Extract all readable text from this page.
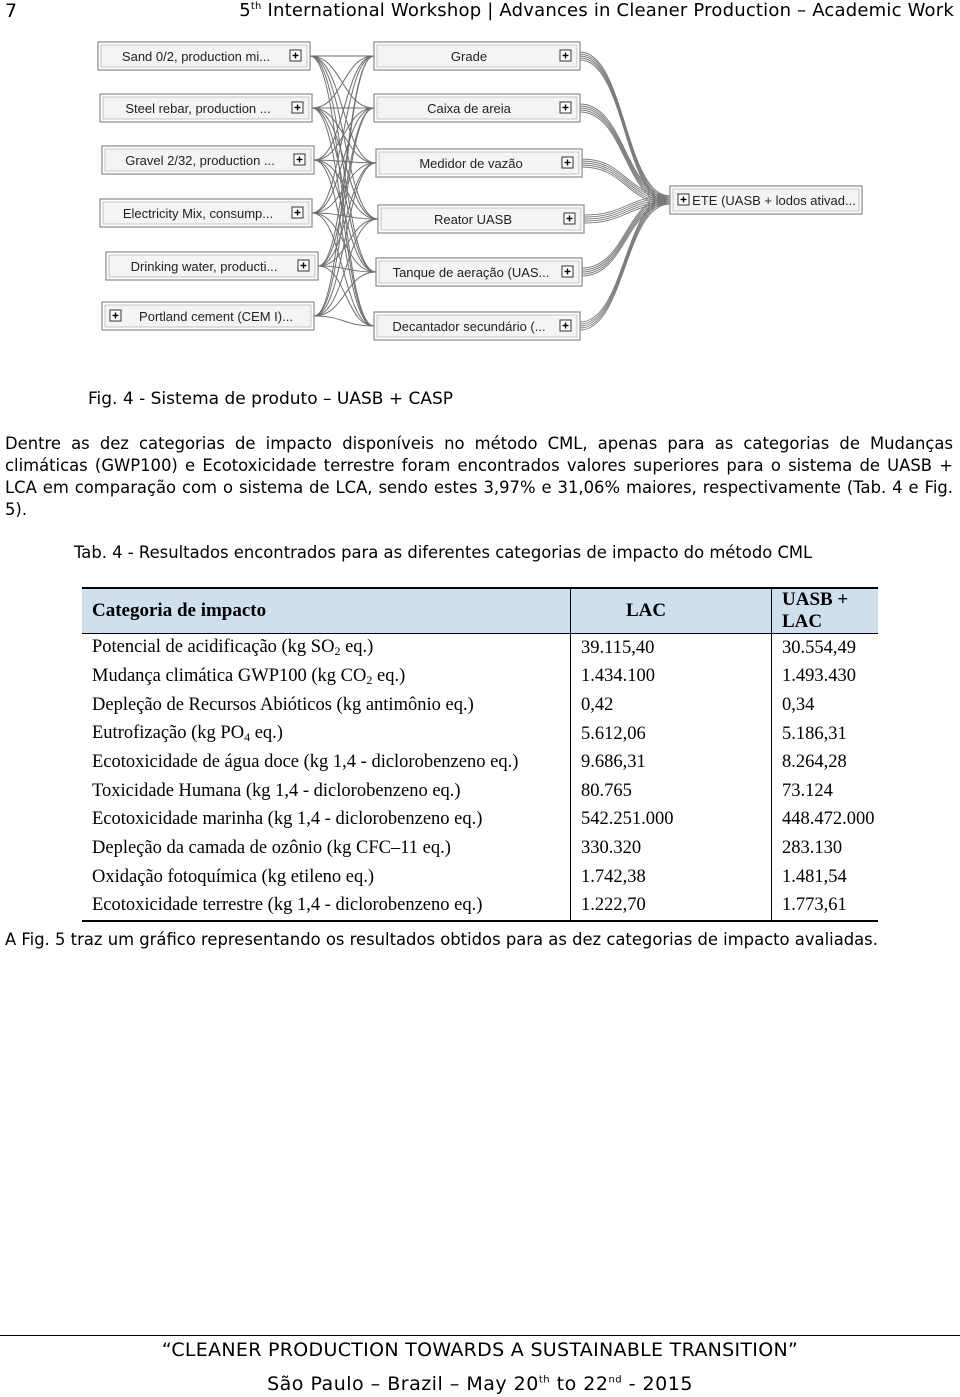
7	5th International Workshop | Advances in Cleaner Production – Academic Work
Sand 0/2, production mi...
Steel rebar, production ...
Gravel 2/32, production ...
Electricity Mix, consump...
Drinking water, producti...
Portland cement (CEM I)...
Grade
Caixa de areia
Medidor de vazão
Reator UASB
Tanque de aeração (UAS...
Decantador secundário (...
ETE (UASB + lodos ativad...
Fig. 4 - Sistema de produto – UASB + CASP
Dentre as dez categorias de impacto disponíveis no método CML, apenas para as categorias de Mudanças climáticas (GWP100) e Ecotoxicidade terrestre foram encontrados valores superiores para o sistema de UASB + LCA em comparação com o sistema de LCA, sendo estes 3,97% e 31,06% maiores, respectivamente (Tab. 4 e Fig. 5).
Tab. 4 - Resultados encontrados para as diferentes categorias de impacto do método CML
Categoria de impacto	LAC	UASB + LAC
Potencial de acidificação (kg SO2 eq.)	39.115,40	30.554,49
Mudança climática GWP100 (kg CO2 eq.)	1.434.100	1.493.430
Depleção de Recursos Abióticos (kg antimônio eq.)	0,42	0,34
Eutrofização (kg PO4 eq.)	5.612,06	5.186,31
Ecotoxicidade de água doce (kg 1,4 - diclorobenzeno eq.)	9.686,31	8.264,28
Toxicidade Humana (kg 1,4 - diclorobenzeno eq.)	80.765	73.124
Ecotoxicidade marinha (kg 1,4 - diclorobenzeno eq.)	542.251.000	448.472.000
Depleção da camada de ozônio (kg CFC–11 eq.)	330.320	283.130
Oxidação fotoquímica (kg etileno eq.)	1.742,38	1.481,54
Ecotoxicidade terrestre (kg 1,4 - diclorobenzeno eq.)	1.222,70	1.773,61
A Fig. 5 traz um gráfico representando os resultados obtidos para as dez categorias de impacto avaliadas.
“CLEANER PRODUCTION TOWARDS A SUSTAINABLE TRANSITION”
São Paulo – Brazil – May 20th to 22nd - 2015
